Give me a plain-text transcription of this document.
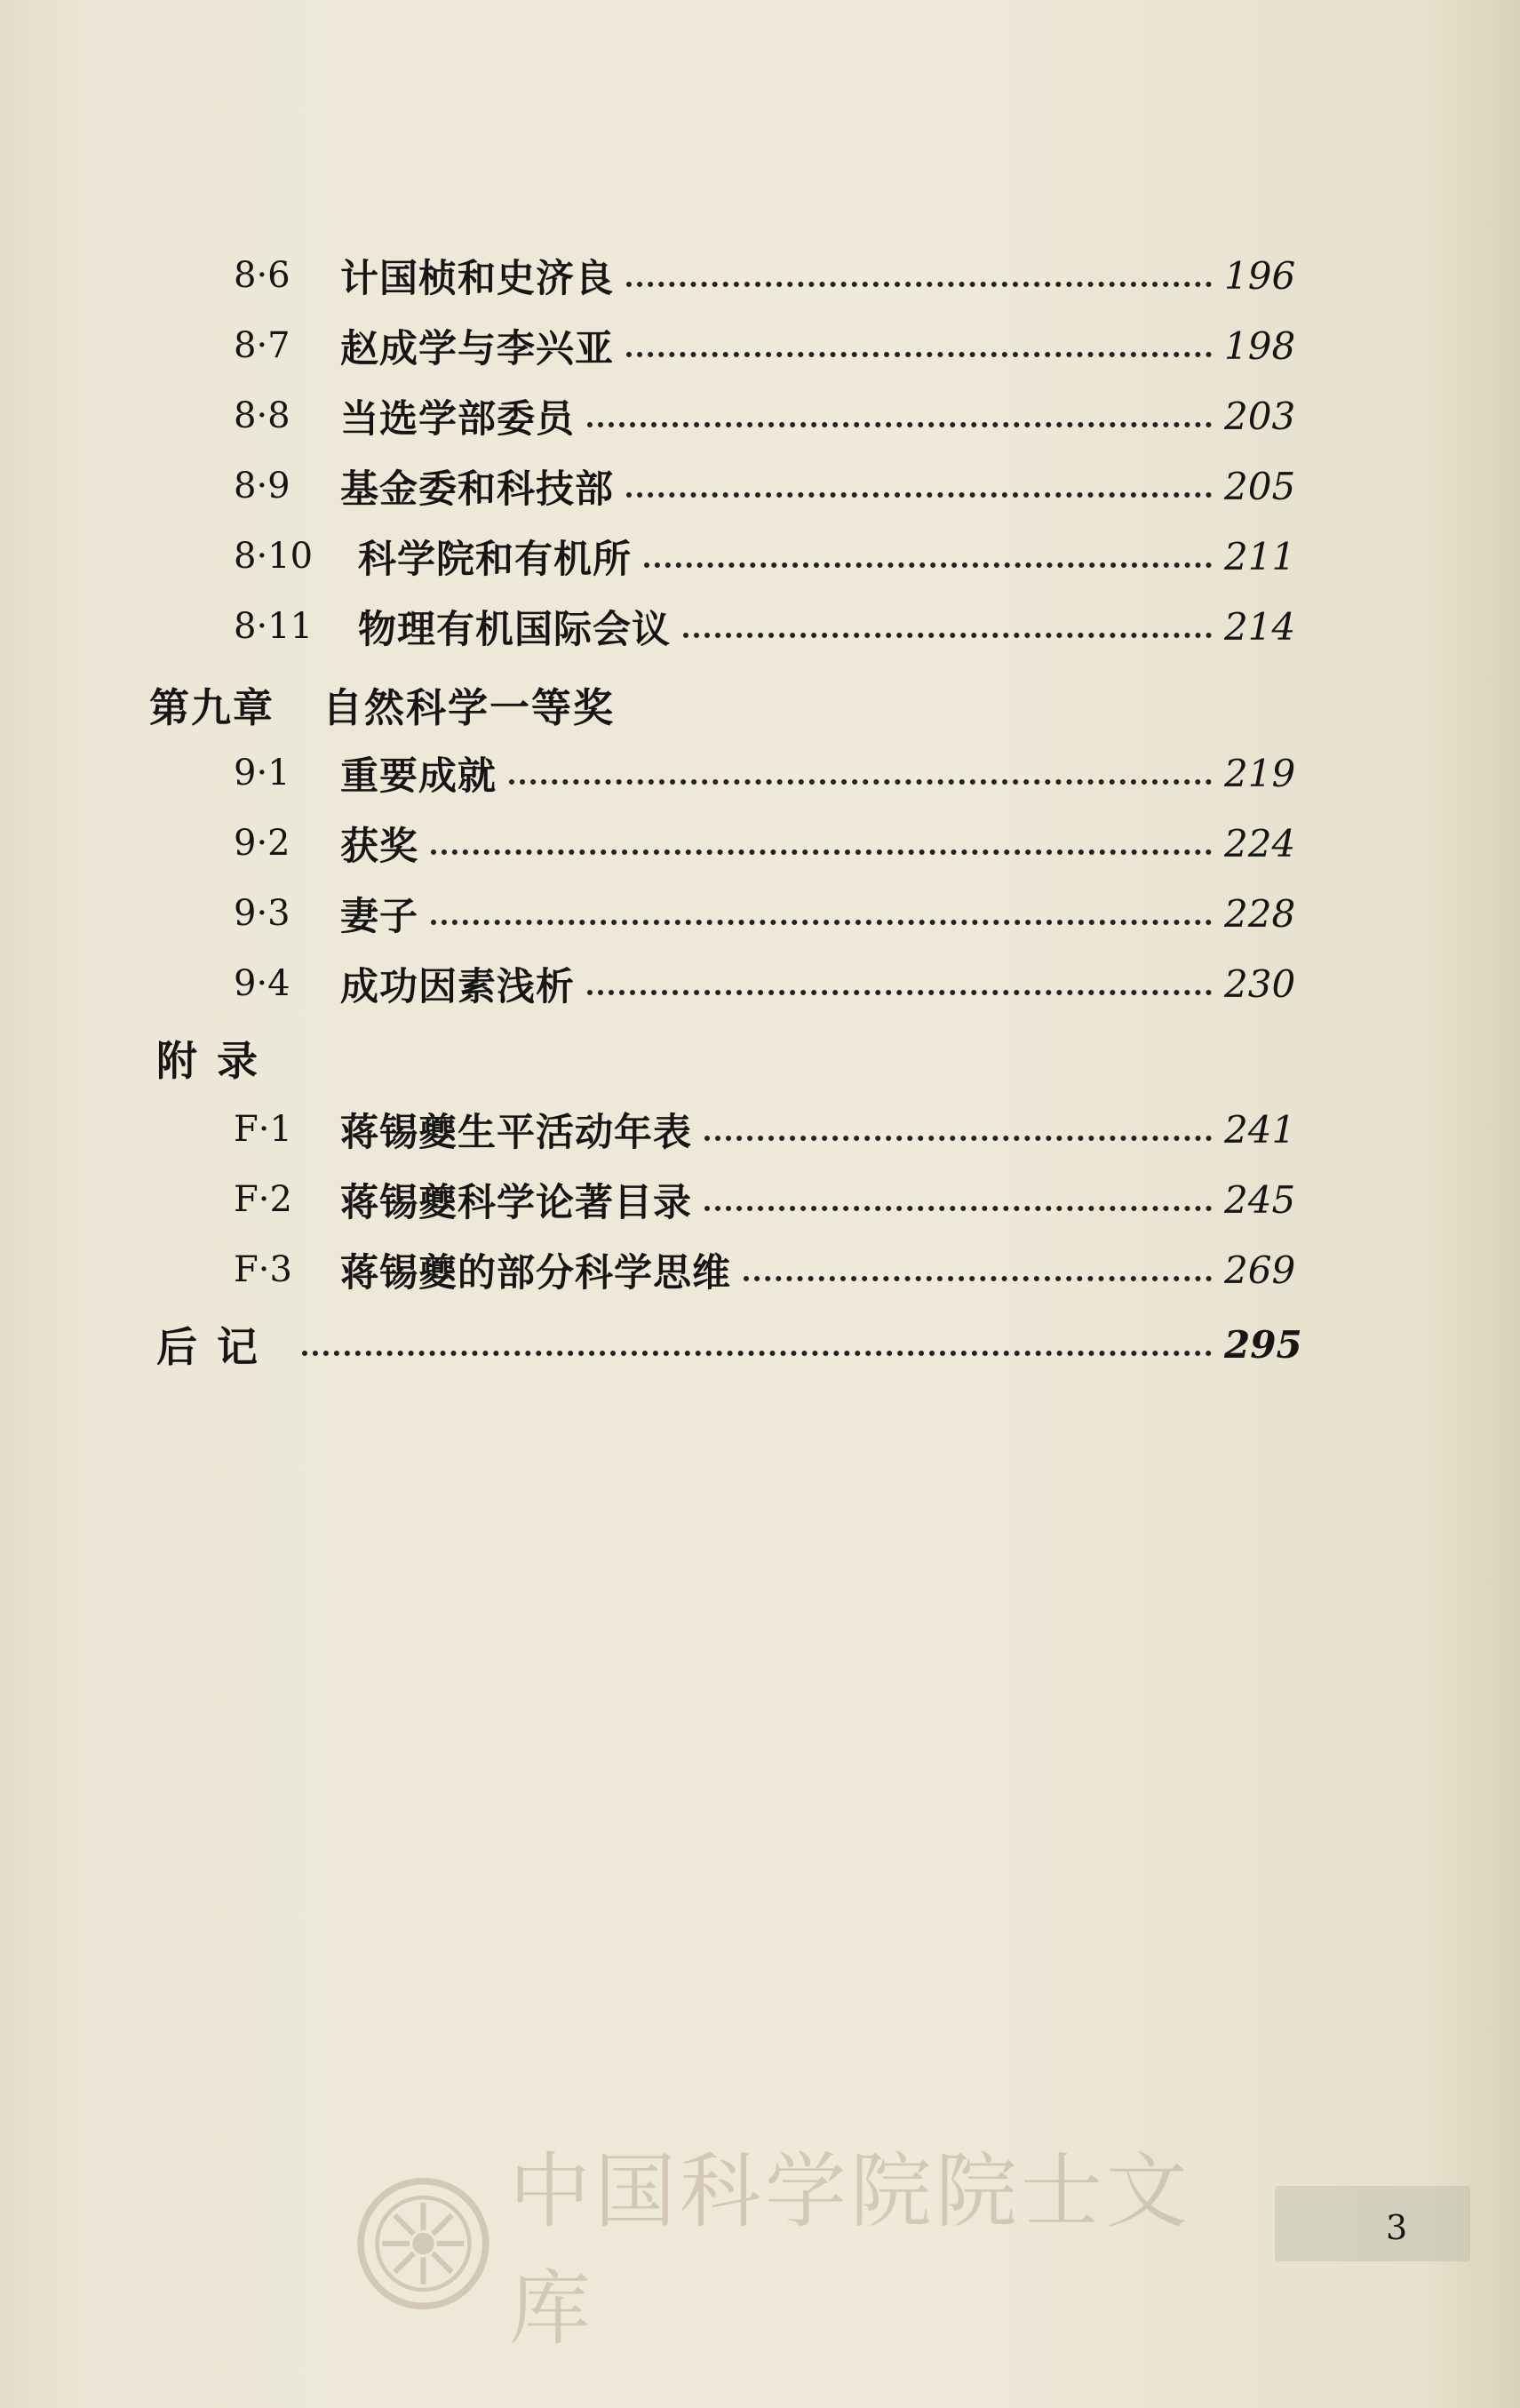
8·6	计国桢和史济良	196
8·7	赵成学与李兴亚	198
8·8	当选学部委员	203
8·9	基金委和科技部	205
8·10	科学院和有机所	211
8·11	物理有机国际会议	214
第九章	自然科学一等奖
9·1	重要成就	219
9·2	获奖	224
9·3	妻子	228
9·4	成功因素浅析	230
附录
F·1	蒋锡夔生平活动年表	241
F·2	蒋锡夔科学论著目录	245
F·3	蒋锡夔的部分科学思维	269
后记	295
中国科学院院士文库
3
